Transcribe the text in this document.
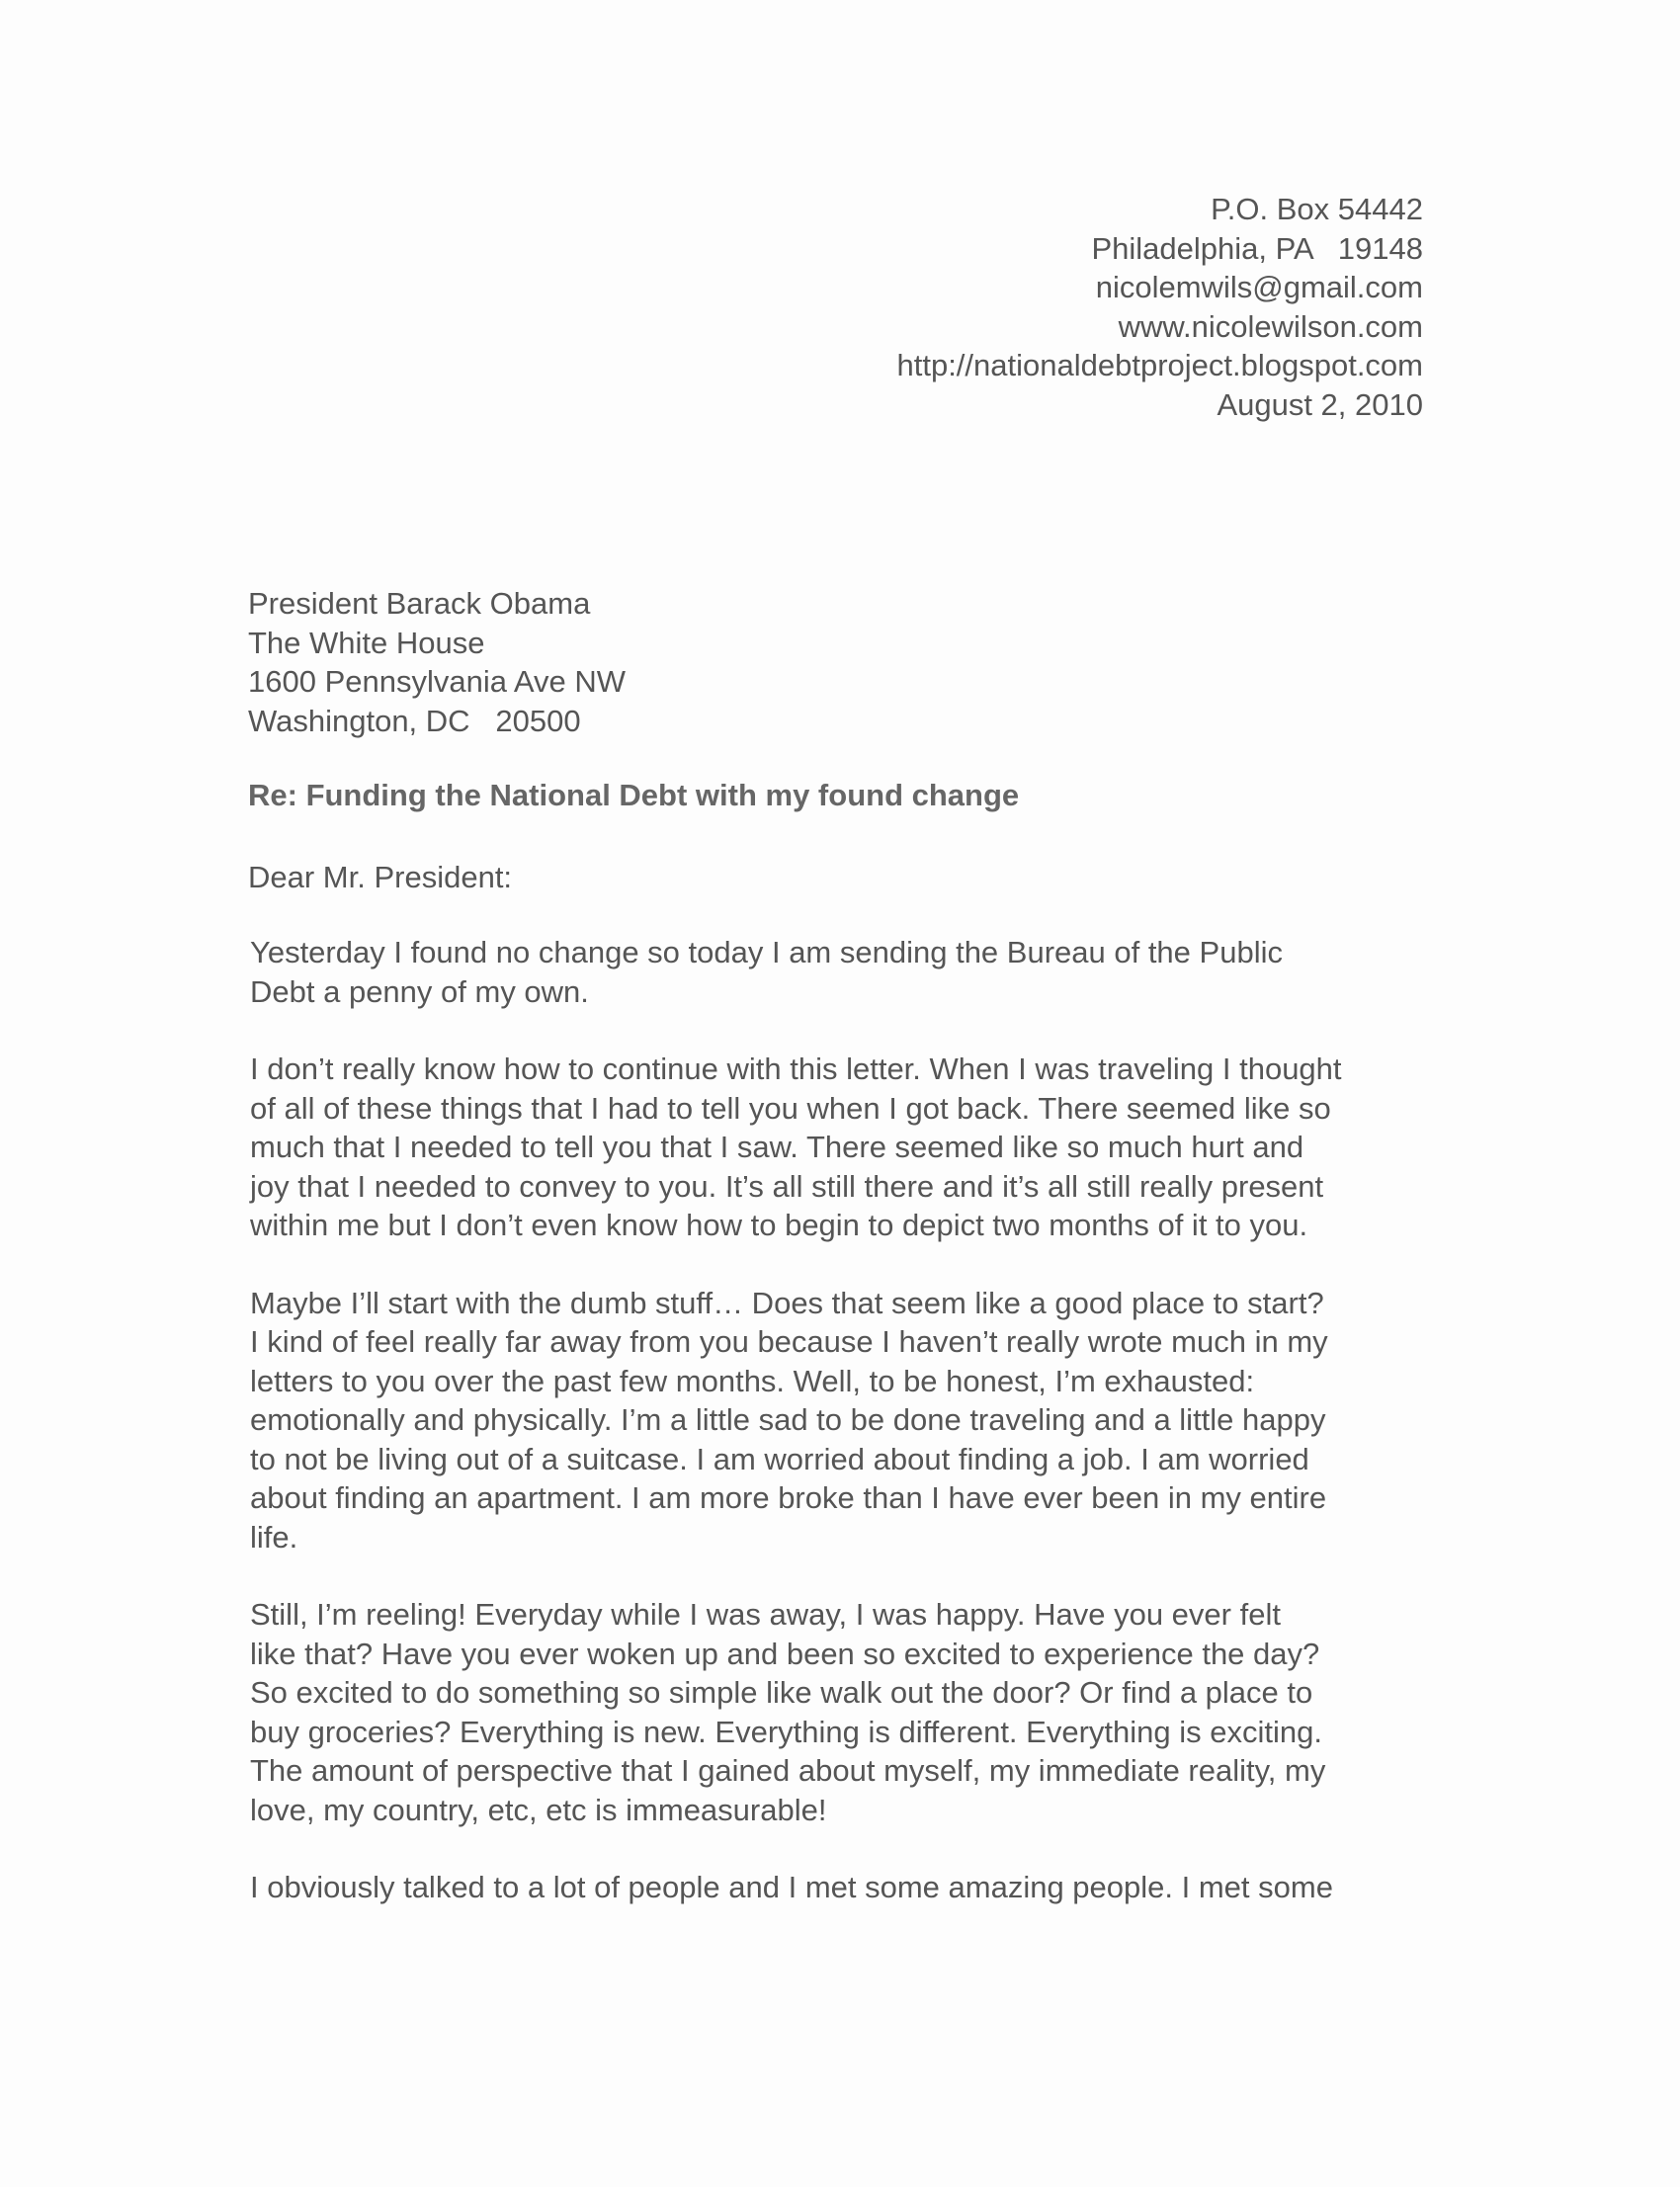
P.O. Box 54442
Philadelphia, PA   19148
nicolemwils@gmail.com
www.nicolewilson.com
http://nationaldebtproject.blogspot.com
August 2, 2010
President Barack Obama
The White House
1600 Pennsylvania Ave NW
Washington, DC   20500
Re: Funding the National Debt with my found change
Dear Mr. President:
Yesterday I found no change so today I am sending the Bureau of the Public
Debt a penny of my own.
I don’t really know how to continue with this letter. When I was traveling I thought
of all of these things that I had to tell you when I got back. There seemed like so
much that I needed to tell you that I saw. There seemed like so much hurt and
joy that I needed to convey to you. It’s all still there and it’s all still really present
within me but I don’t even know how to begin to depict two months of it to you.
Maybe I’ll start with the dumb stuff… Does that seem like a good place to start?
I kind of feel really far away from you because I haven’t really wrote much in my
letters to you over the past few months. Well, to be honest, I’m exhausted:
emotionally and physically. I’m a little sad to be done traveling and a little happy
to not be living out of a suitcase. I am worried about finding a job. I am worried
about finding an apartment. I am more broke than I have ever been in my entire
life.
Still, I’m reeling! Everyday while I was away, I was happy. Have you ever felt
like that? Have you ever woken up and been so excited to experience the day?
So excited to do something so simple like walk out the door? Or find a place to
buy groceries? Everything is new. Everything is different. Everything is exciting.
The amount of perspective that I gained about myself, my immediate reality, my
love, my country, etc, etc is immeasurable!
I obviously talked to a lot of people and I met some amazing people. I met some
